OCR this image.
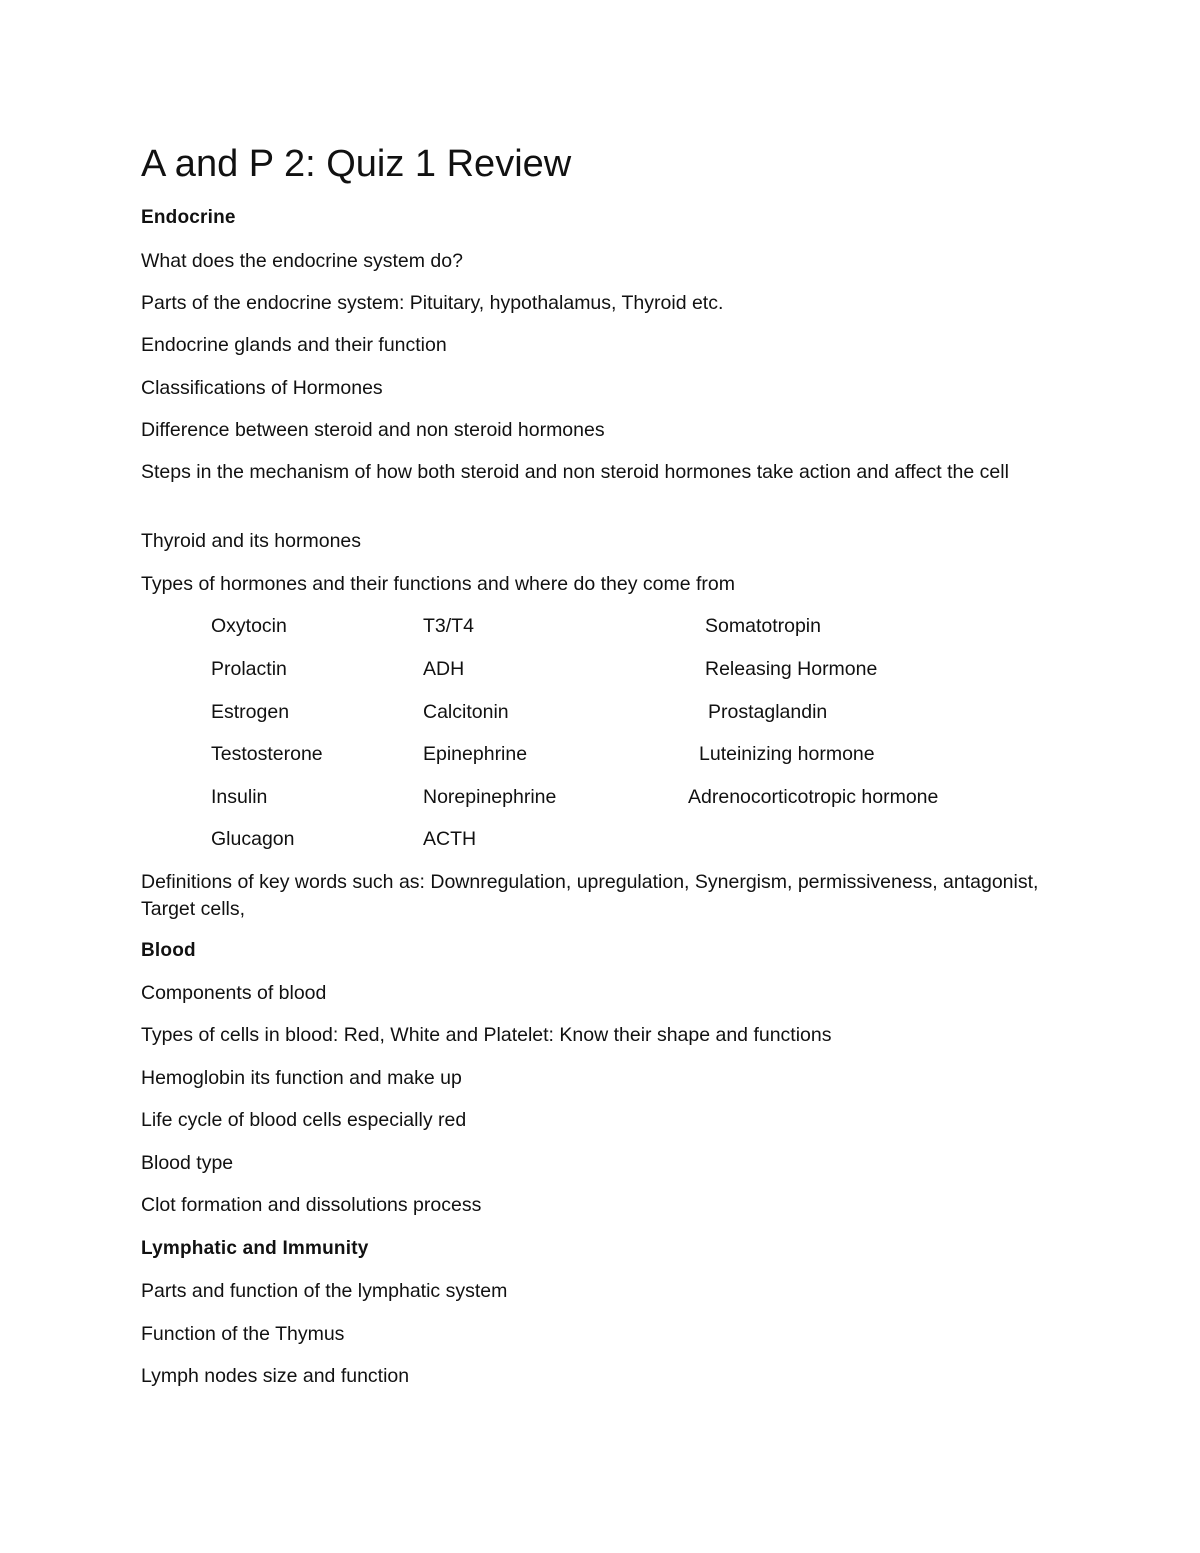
A and P 2: Quiz 1 Review
Endocrine
What does the endocrine system do?
Parts of the endocrine system: Pituitary, hypothalamus, Thyroid etc.
Endocrine glands and their function
Classifications of Hormones
Difference between steroid and non steroid hormones
Steps in the mechanism of how both steroid and non steroid hormones take action and affect the cell
Thyroid and its hormones
Types of hormones and their functions and where do they come from
Oxytocin
Prolactin
Estrogen
Testosterone
Insulin
Glucagon
T3/T4
ADH
Calcitonin
Epinephrine
Norepinephrine
ACTH
Somatotropin
Releasing Hormone
Prostaglandin
Luteinizing hormone
Adrenocorticotropic hormone
Definitions of key words such as: Downregulation, upregulation, Synergism, permissiveness, antagonist, Target cells,
Blood
Components of blood
Types of cells in blood: Red, White and Platelet: Know their shape and functions
Hemoglobin its function and make up
Life cycle of blood cells especially red
Blood type
Clot formation and dissolutions process
Lymphatic and Immunity
Parts and function of the lymphatic system
Function of the Thymus
Lymph nodes size and function
